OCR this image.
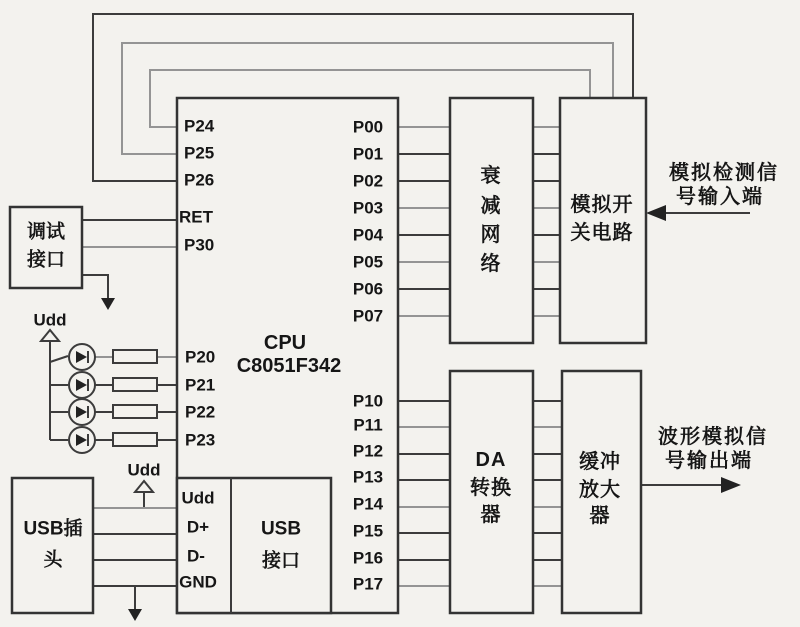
CPU
C8051F342
P24
P25
P26
RET
P30
P20
P21
P22
P23
P00
P01
P02
P03
P04
P05
P06
P07
P10
P11
P12
P13
P14
P15
P16
P17
Udd
D+
D-
GND
调试
接口
USB插
头
USB
接口
衰
减
网
络
模拟开
关电路
DA
转换
器
缓冲
放大
器
模拟检测信
号输入端
波形模拟信
号输出端
Udd
Udd
